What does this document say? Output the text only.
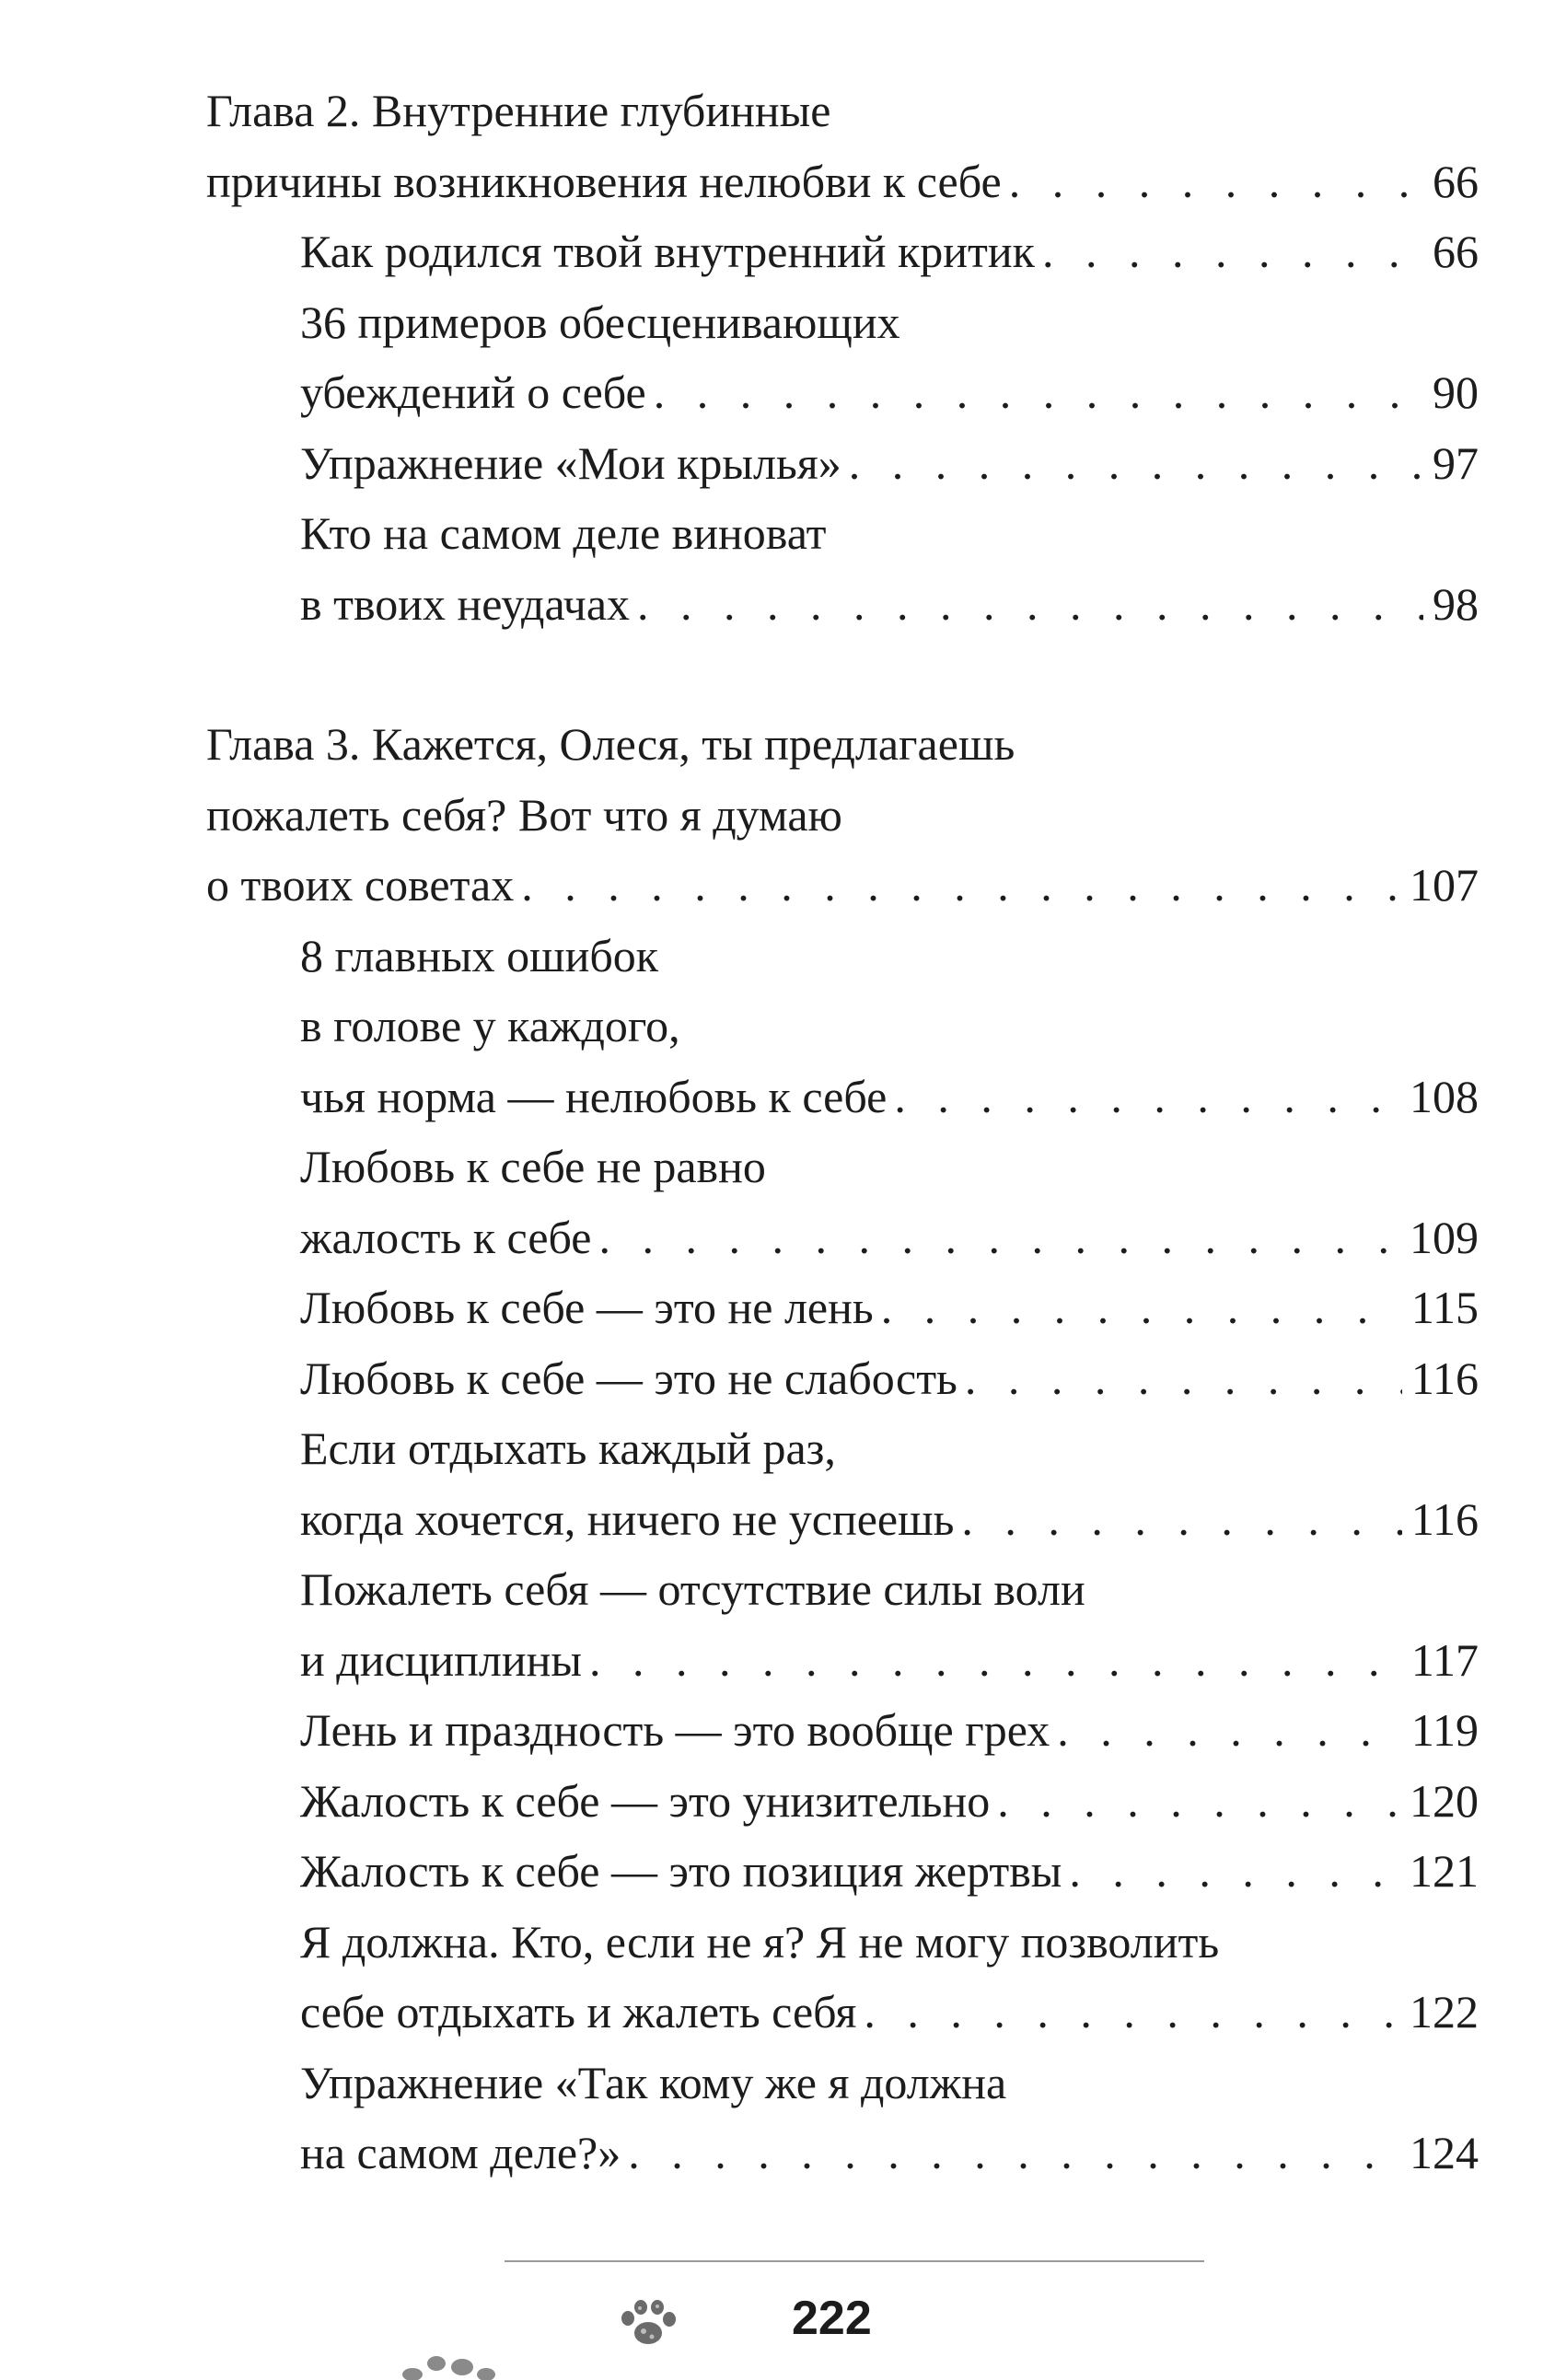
Глава 2. Внутренние глубинные
причины возникновения нелюбви к себе . . .	66
Как родился твой внутренний критик . . .	66
36 примеров обесценивающих
убеждений о себе . . .	90
Упражнение «Мои крылья» . . .	97
Кто на самом деле виноват
в твоих неудачах . . .	98
Глава 3. Кажется, Олеся, ты предлагаешь
пожалеть себя? Вот что я думаю
о твоих советах . . .	107
8 главных ошибок
в голове у каждого,
чья норма — нелюбовь к себе . . .	108
Любовь к себе не равно
жалость к себе . . .	109
Любовь к себе — это не лень . . .	115
Любовь к себе — это не слабость . . .	116
Если отдыхать каждый раз,
когда хочется, ничего не успеешь . . .	116
Пожалеть себя — отсутствие силы воли
и дисциплины . . .	117
Лень и праздность — это вообще грех . . .	119
Жалость к себе — это унизительно . . .	120
Жалость к себе — это позиция жертвы . . .	121
Я должна. Кто, если не я? Я не могу позволить
себе отдыхать и жалеть себя . . .	122
Упражнение «Так кому же я должна
на самом деле?» . . .	124
222
